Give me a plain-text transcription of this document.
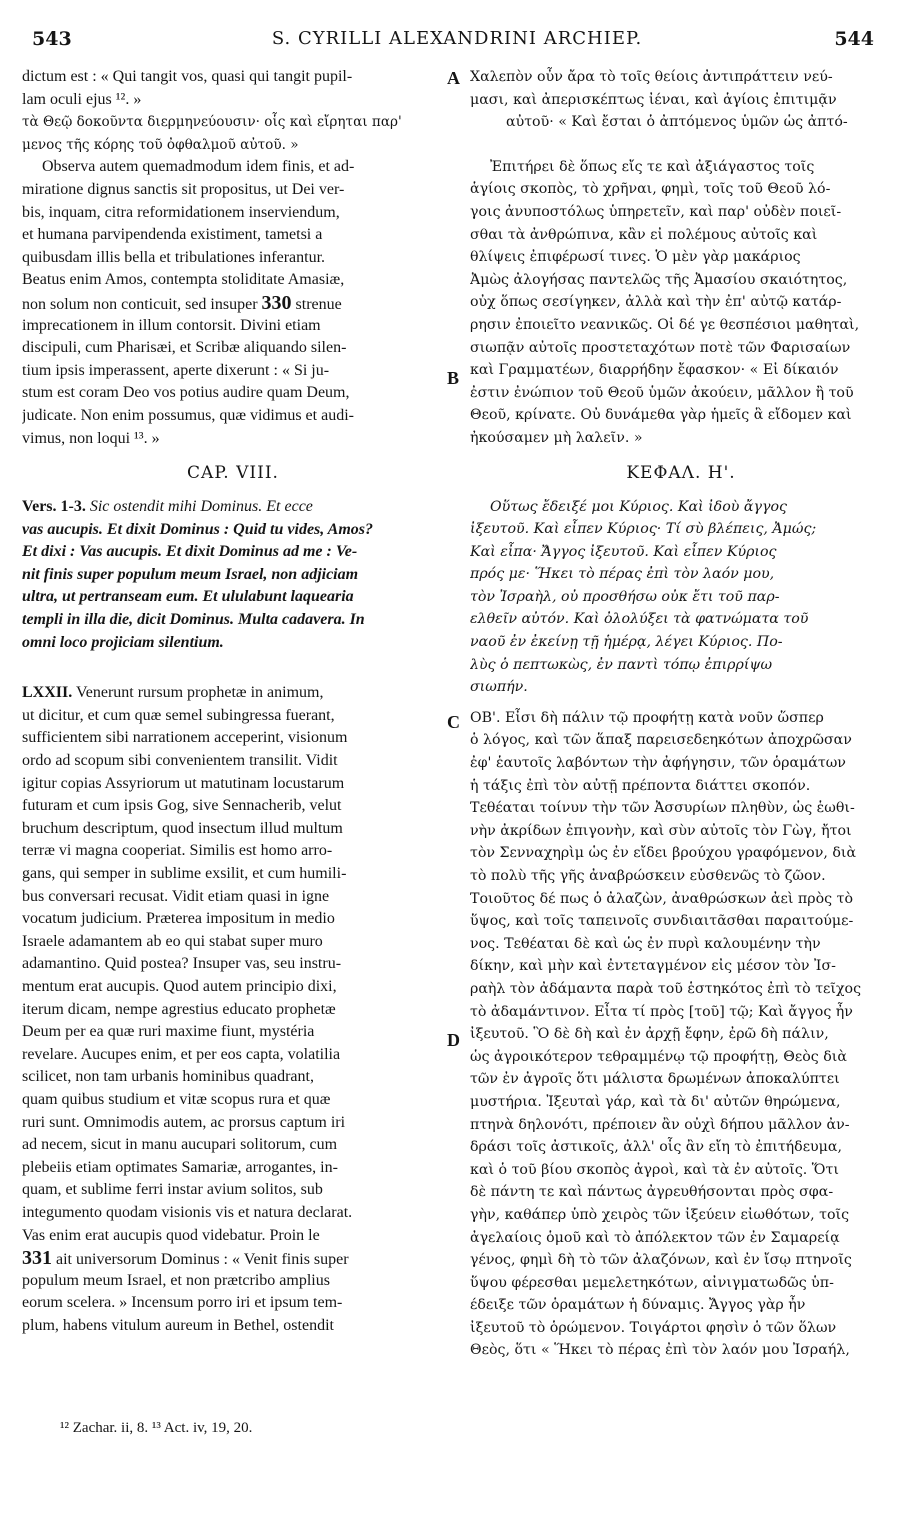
543	S. CYRILLI ALEXANDRINI ARCHIEP.	544
A
B
C
D
dictum est : « Qui tangit vos, quasi qui tangit pupil-
lam oculi ejus ¹². »
τὰ Θεῷ δοκοῦντα διερμηνεύουσιν· οἷς καὶ εἴρηται παρ'
μενος τῆς κόρης τοῦ ὀφθαλμοῦ αὐτοῦ. »
Observa autem quemadmodum idem finis, et ad-
mirationе dignus sanctis sit propositus, ut Dei ver-
bis, inquam, citra reformidationem inserviendum,
et humana parvipendenda existiment, tametsi a
quibusdam illis bella et tribulationes inferantur.
Beatus enim Amos, contempta stoliditate Amasiæ,
non solum non conticuit, sed insuper 330 strenue
imprecationem in illum contorsit. Divini etiam
discipuli, cum Pharisæi, et Scribæ aliquando silen-
tium ipsis imperassent, aperte dixerunt : « Si ju-
stum est coram Deo vos potius audire quam Deum,
judicate. Non enim possumus, quæ vidimus et audi-
vimus, non loqui ¹³. »
CAP. VIII.
Vers. 1-3. Sic ostendit mihi Dominus. Et ecce
vas aucupis. Et dixit Dominus : Quid tu vides, Amos?
Et dixi : Vas aucupis. Et dixit Dominus ad me : Ve-
nit finis super populum meum Israel, non adjiciam
ultra, ut pertranseam eum. Et ululabunt laquearia
templi in illa die, dicit Dominus. Multa cadavera. In
omni loco projiciam silentium.
LXXII. Venerunt rursum prophetæ in animum,
ut dicitur, et cum quæ semel subingressa fuerant,
sufficientem sibi narrationem acceperint, visionum
ordo ad scopum sibi convenientem transilit. Vidit
igitur copias Assyriorum ut matutinam locustarum
futuram et cum ipsis Gog, sive Sennacherib, velut
bruchum descriptum, quod insectum illud multum
terræ vi magna cooperiat. Similis est homo arro-
gans, qui semper in sublime exsilit, et cum humili-
bus conversari recusat. Vidit etiam quasi in igne
vocatum judicium. Præterea impositum in medio
Israele adamantem ab eo qui stabat super muro
adamantino. Quid postea? Insuper vas, seu instru-
mentum erat aucupis. Quod autem principio dixi,
iterum dicam, nempe agrestius educato prophetæ
Deum per ea quæ ruri maxime fiunt, mystéria
revelare. Aucupes enim, et per eos capta, volatilia
scilicet, non tam urbanis hominibus quadrant,
quam quibus studium et vitæ scopus rura et quæ
ruri sunt. Omnimodis autem, ac prorsus captum iri
ad necem, sicut in manu aucupari solitorum, cum
plebeiis etiam optimates Samariæ, arrogantes, in-
quam, et sublime ferri instar avium solitos, sub
integumento quodam visionis vis et natura declarat.
Vas enim erat aucupis quod videbatur. Proin le
331 ait universorum Dominus : « Venit finis super
populum meum Israel, et non prætcribo amplius
eorum scelera. » Incensum porro iri et ipsum tem-
plum, habens vitulum aureum in Bethel, ostendit
Χαλεπὸν οὖν ἄρα τὸ τοῖς θείοις ἀντιπράττειν νεύ-
μασι, καὶ ἀπερισκέπτως ἰέναι, καὶ ἁγίοις ἐπιτιμᾷν
αὐτοῦ· « Καὶ ἔσται ὁ ἀπτόμενος ὑμῶν ὡς ἀπτό-
Ἐπιτήρει δὲ ὅπως εἴς τε καὶ ἀξιάγαστος τοῖς
ἁγίοις σκοπὸς, τὸ χρῆναι, φημὶ, τοῖς τοῦ Θεοῦ λό-
γοις ἀνυποστόλως ὑπηρετεῖν, καὶ παρ' οὐδὲν ποιεῖ-
σθαι τὰ ἀνθρώπινα, κἂν εἰ πολέμους αὐτοῖς καὶ
θλίψεις ἐπιφέρωσί τινες. Ὁ μὲν γὰρ μακάριος
Ἀμὼς ἀλογήσας παντελῶς τῆς Ἀμασίου σκαιότητος,
οὐχ ὅπως σεσίγηκεν, ἀλλὰ καὶ τὴν ἐπ' αὐτῷ κατάρ-
ρησιν ἐποιεῖτο νεανικῶς. Οἱ δέ γε θεσπέσιοι μαθηταὶ,
σιωπᾷν αὐτοῖς προστεταχότων ποτὲ τῶν Φαρισαίων
καὶ Γραμματέων, διαρρήδην ἔφασκον· « Εἰ δίκαιόν
ἐστιν ἐνώπιον τοῦ Θεοῦ ὑμῶν ἀκούειν, μᾶλλον ἢ τοῦ
Θεοῦ, κρίνατε. Οὐ δυνάμεθα γὰρ ἡμεῖς ἃ εἴδομεν καὶ
ἠκούσαμεν μὴ λαλεῖν. »
ΚΕΦΑΛ. Η'.
Οὕτως ἔδειξέ μοι Κύριος. Καὶ ἰδοὺ ἄγγος
ἰξευτοῦ. Καὶ εἶπεν Κύριος· Τί σὺ βλέπεις, Ἀμώς;
Καὶ εἶπα· Ἄγγος ἰξευτοῦ. Καὶ εἶπεν Κύριος
πρός με· Ἥκει τὸ πέρας ἐπὶ τὸν λαόν μου,
τὸν Ἰσραὴλ, οὐ προσθήσω οὐκ ἔτι τοῦ παρ-
ελθεῖν αὐτόν. Καὶ ὀλολύξει τὰ φατνώματα τοῦ
ναοῦ ἐν ἐκείνῃ τῇ ἡμέρᾳ, λέγει Κύριος. Πο-
λὺς ὁ πεπτωκὼς, ἐν παντὶ τόπῳ ἐπιρρίψω
σιωπήν.
ΟΒ'. Εἶσι δὴ πάλιν τῷ προφήτῃ κατὰ νοῦν ὥσπερ
ὁ λόγος, καὶ τῶν ἅπαξ παρεισεδεηκότων ἀποχρῶσαν
ἐφ' ἑαυτοῖς λαβόντων τὴν ἀφήγησιν, τῶν ὁραμάτων
ἡ τάξις ἐπὶ τὸν αὐτῇ πρέποντα διάττει σκοπόν.
Τεθέαται τοίνυν τὴν τῶν Ἀσσυρίων πληθὺν, ὡς ἑωθι-
νὴν ἀκρίδων ἐπιγονὴν, καὶ σὺν αὐτοῖς τὸν Γὼγ, ἤτοι
τὸν Σενναχηρὶμ ὡς ἐν εἴδει βρούχου γραφόμενον, διὰ
τὸ πολὺ τῆς γῆς ἀναβρώσκειν εὐσθενῶς τὸ ζῶον.
Τοιοῦτος δέ πως ὁ ἀλαζὼν, ἀναθρώσκων ἀεὶ πρὸς τὸ
ὕψος, καὶ τοῖς ταπεινοῖς συνδιαιτᾶσθαι παραιτούμε-
νος. Τεθέαται δὲ καὶ ὡς ἐν πυρὶ καλουμένην τὴν
δίκην, καὶ μὴν καὶ ἐντεταγμένον εἰς μέσον τὸν Ἰσ-
ραὴλ τὸν ἀδάμαντα παρὰ τοῦ ἑστηκότος ἐπὶ τὸ τεῖχος
τὸ ἀδαμάντινον. Εἶτα τί πρὸς [τοῦ] τῷ; Καὶ ἄγγος ἦν
ἰξευτοῦ. Ὃ δὲ δὴ καὶ ἐν ἀρχῇ ἔφην, ἐρῶ δὴ πάλιν,
ὡς ἀγροικότερον τεθραμμένῳ τῷ προφήτῃ, Θεὸς διὰ
τῶν ἐν ἀγροῖς ὅτι μάλιστα δρωμένων ἀποκαλύπτει
μυστήρια. Ἰξευταὶ γάρ, καὶ τὰ δι' αὐτῶν θηρώμενα,
πτηνὰ δηλονότι, πρέποιεν ἂν οὐχὶ δήπου μᾶλλον ἀν-
δράσι τοῖς ἀστικοῖς, ἀλλ' οἷς ἂν εἴη τὸ ἐπιτήδευμα,
καὶ ὁ τοῦ βίου σκοπὸς ἀγροὶ, καὶ τὰ ἐν αὐτοῖς. Ὅτι
δὲ πάντη τε καὶ πάντως ἀγρευθήσονται πρὸς σφα-
γὴν, καθάπερ ὑπὸ χειρὸς τῶν ἰξεύειν εἰωθότων, τοῖς
ἀγελαίοις ὁμοῦ καὶ τὸ ἀπόλεκτον τῶν ἐν Σαμαρείᾳ
γένος, φημὶ δὴ τὸ τῶν ἀλαζόνων, καὶ ἐν ἴσῳ πτηνοῖς
ὕψου φέρεσθαι μεμελετηκότων, αἰνιγματωδῶς ὑπ-
έδειξε τῶν ὁραμάτων ἡ δύναμις. Ἄγγος γὰρ ἦν
ἰξευτοῦ τὸ ὁρώμενον. Τοιγάρτοι φησὶν ὁ τῶν ὅλων
Θεὸς, ὅτι « Ἥκει τὸ πέρας ἐπὶ τὸν λαόν μου Ἰσραήλ,
¹² Zachar. ii, 8. ¹³ Act. iv, 19, 20.
